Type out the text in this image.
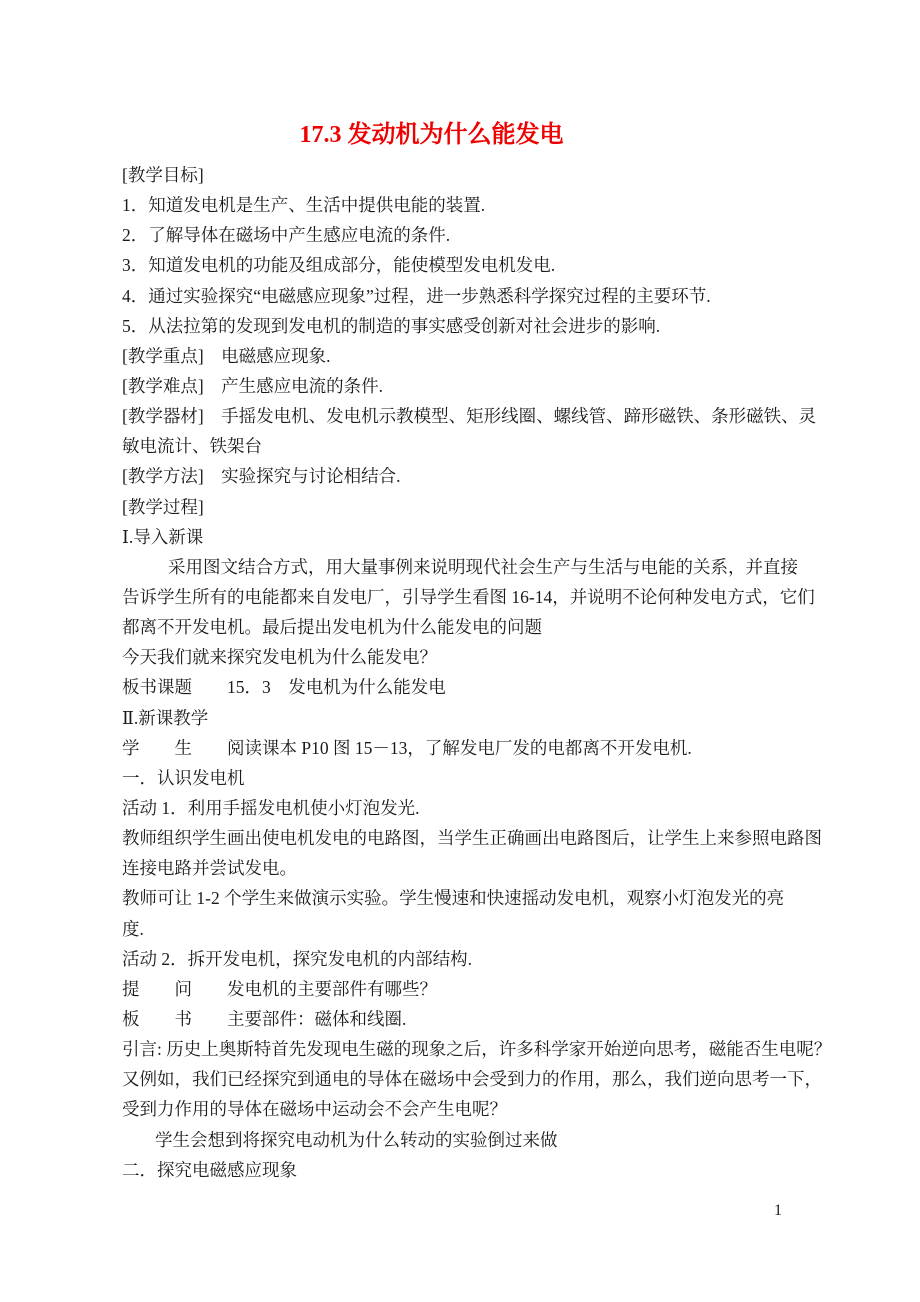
17.3 发动机为什么能发电
[教学目标]
1．知道发电机是生产、生活中提供电能的装置.
2．了解导体在磁场中产生感应电流的条件.
3．知道发电机的功能及组成部分，能使模型发电机发电.
4．通过实验探究“电磁感应现象”过程，进一步熟悉科学探究过程的主要环节.
5．从法拉第的发现到发电机的制造的事实感受创新对社会进步的影响.
[教学重点]　电磁感应现象.
[教学难点]　产生感应电流的条件.
[教学器材]　手摇发电机、发电机示教模型、矩形线圈、螺线管、蹄形磁铁、条形磁铁、灵
敏电流计、铁架台
[教学方法]　实验探究与讨论相结合.
[教学过程]
Ⅰ.导入新课
采用图文结合方式，用大量事例来说明现代社会生产与生活与电能的关系，并直接
告诉学生所有的电能都来自发电厂，引导学生看图 16-14，并说明不论何种发电方式，它们
都离不开发电机。最后提出发电机为什么能发电的问题
今天我们就来探究发电机为什么能发电？
板书课题　　15．3　发电机为什么能发电
Ⅱ.新课教学
学　　生　　阅读课本 P10 图 15－13，了解发电厂发的电都离不开发电机.
一．认识发电机
活动 1．利用手摇发电机使小灯泡发光.
教师组织学生画出使电机发电的电路图，当学生正确画出电路图后，让学生上来参照电路图
连接电路并尝试发电。
教师可让 1-2 个学生来做演示实验。学生慢速和快速摇动发电机，观察小灯泡发光的亮
度.
活动 2．拆开发电机，探究发电机的内部结构.
提　　问　　发电机的主要部件有哪些？
板　　书　　主要部件：磁体和线圈.
引言: 历史上奥斯特首先发现电生磁的现象之后，许多科学家开始逆向思考，磁能否生电呢？
又例如，我们已经探究到通电的导体在磁场中会受到力的作用，那么，我们逆向思考一下，
受到力作用的导体在磁场中运动会不会产生电呢？
学生会想到将探究电动机为什么转动的实验倒过来做
二．探究电磁感应现象
1
